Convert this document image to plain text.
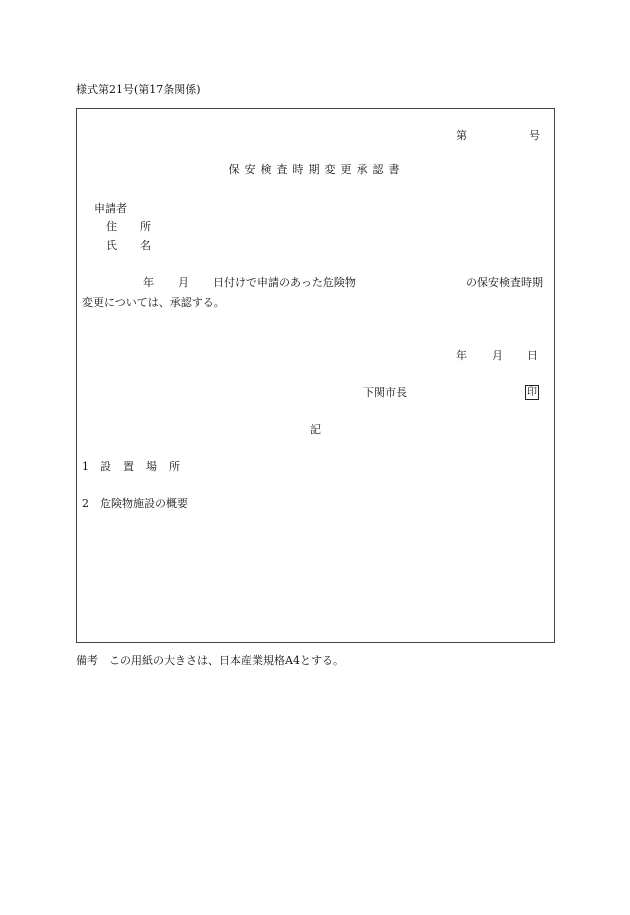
様式第21号(第17条関係)
第	号
保 安 検 査 時 期 変 更 承 認 書
申請者
住 所
氏 名
年 月 日付けで申請のあった危険物	の保安検査時期
変更については、承認する。
年 月 日
下関市長	印
記
1 設 置 場 所
2 危険物施設の概要
備考　この用紙の大きさは、日本産業規格A4とする。
